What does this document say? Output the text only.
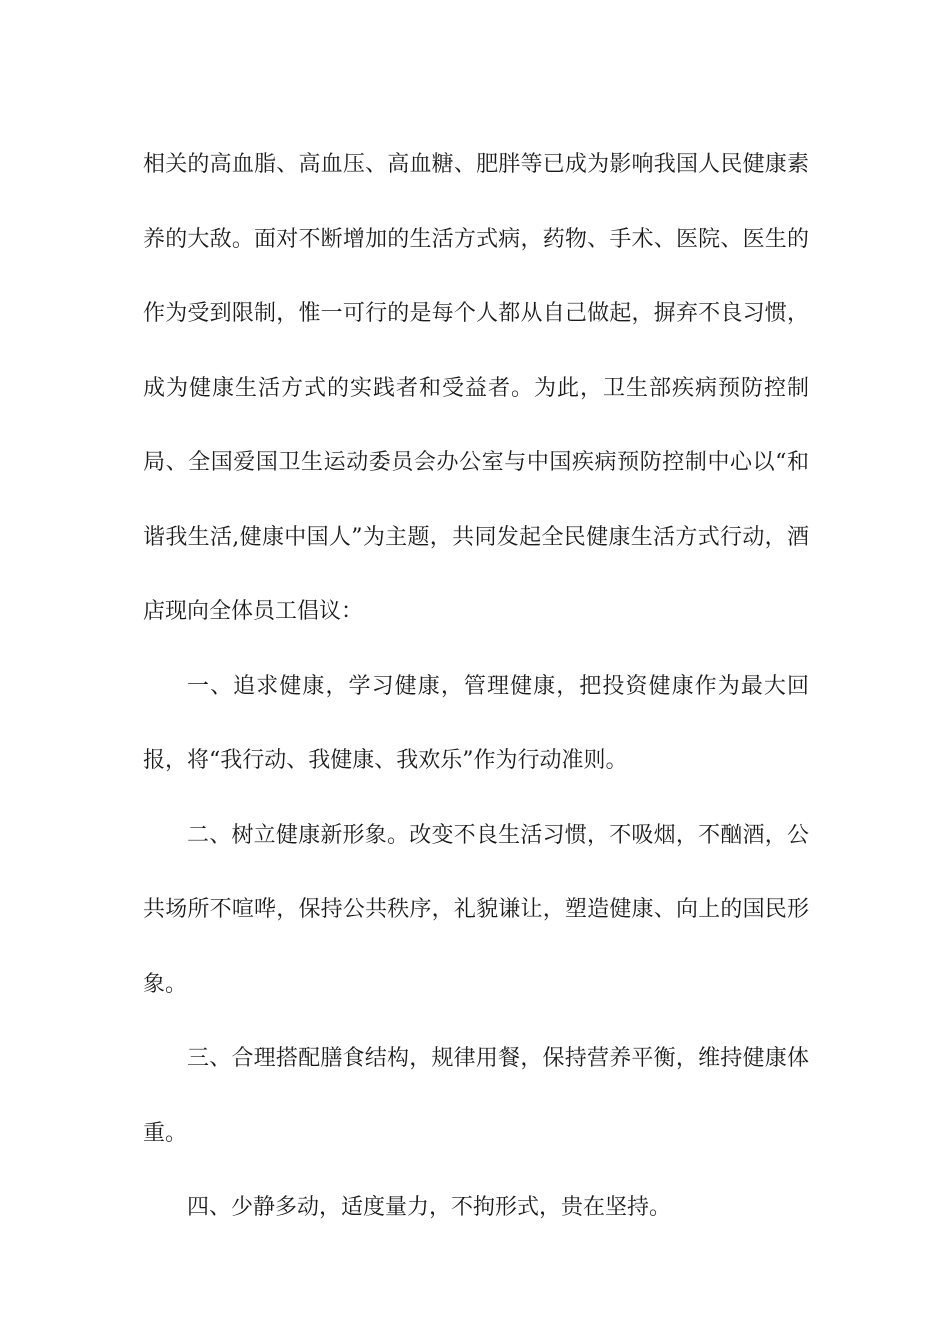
相关的高血脂、高血压、高血糖、肥胖等已成为影响我国人民健康素养的大敌。面对不断增加的生活方式病，药物、手术、医院、医生的作为受到限制，惟一可行的是每个人都从自己做起，摒弃不良习惯，成为健康生活方式的实践者和受益者。为此，卫生部疾病预防控制局、全国爱国卫生运动委员会办公室与中国疾病预防控制中心以“和谐我生活,健康中国人”为主题，共同发起全民健康生活方式行动，酒店现向全体员工倡议：

一、追求健康，学习健康，管理健康，把投资健康作为最大回报，将“我行动、我健康、我欢乐”作为行动准则。

二、树立健康新形象。改变不良生活习惯，不吸烟，不酗酒，公共场所不喧哗，保持公共秩序，礼貌谦让，塑造健康、向上的国民形象。

三、合理搭配膳食结构，规律用餐，保持营养平衡，维持健康体重。

四、少静多动，适度量力，不拘形式，贵在坚持。
